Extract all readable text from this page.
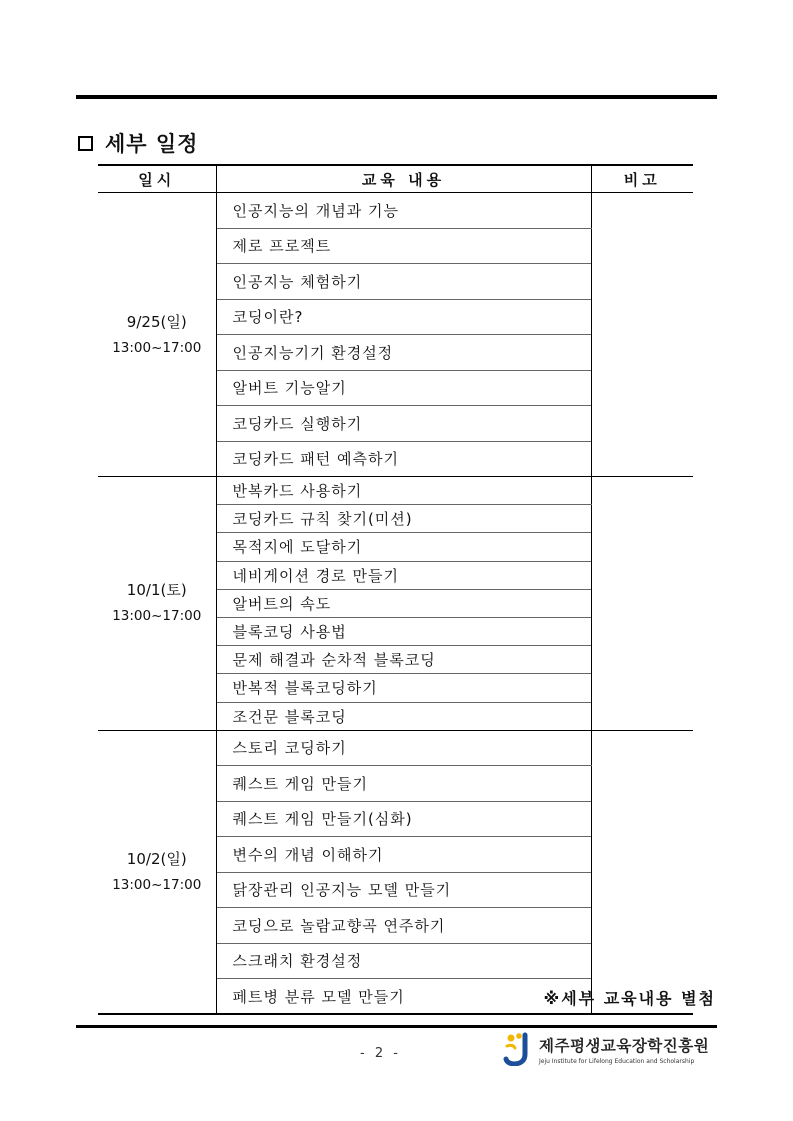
세부 일정
일시	교육 내용	비고

9/25(일)
13:00~17:00	인공지능의 개념과 기능	
	제로 프로젝트	
	인공지능 체험하기	
	코딩이란?	
	인공지능기기 환경설정	
	알버트 기능알기	
	코딩카드 실행하기	
	코딩카드 패턴 예측하기	

10/1(토)
13:00~17:00	반복카드 사용하기	
	코딩카드 규칙 찾기(미션)	
	목적지에 도달하기	
	네비게이션 경로 만들기	
	알버트의 속도	
	블록코딩 사용법	
	문제 해결과 순차적 블록코딩	
	반복적 블록코딩하기	
	조건문 블록코딩	

10/2(일)
13:00~17:00	스토리 코딩하기	
	퀘스트 게임 만들기	
	퀘스트 게임 만들기(심화)	
	변수의 개념 이해하기	
	닭장관리 인공지능 모델 만들기	
	코딩으로 놀람교향곡 연주하기	
	스크래치 환경설정	
	페트병 분류 모델 만들기		※세부 교육내용 별첨
- 2 -	제주평생교육장학진흥원
Jeju Institute for Lifelong Education and Scholarship
